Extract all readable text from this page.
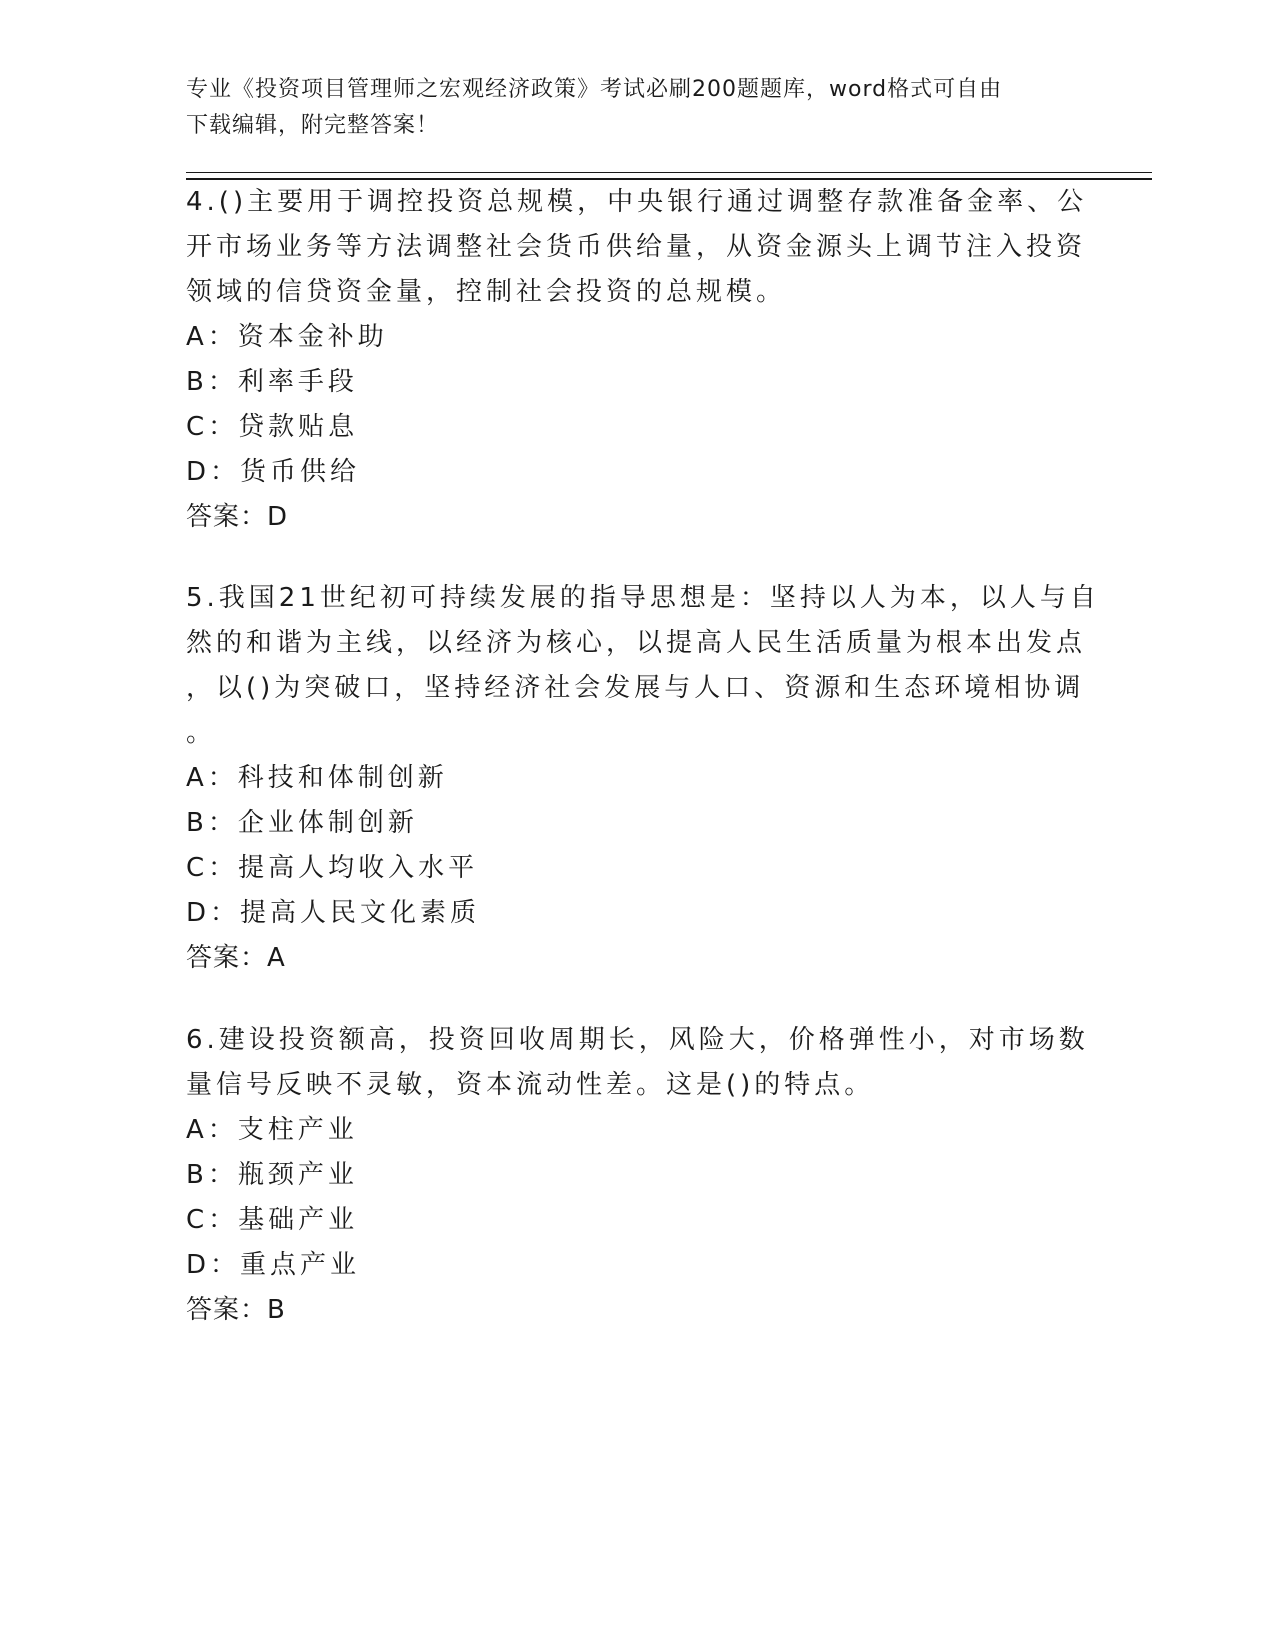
专业《投资项目管理师之宏观经济政策》考试必刷200题题库，word格式可自由
下载编辑，附完整答案！
4.()主要用于调控投资总规模，中央银行通过调整存款准备金率、公
开市场业务等方法调整社会货币供给量，从资金源头上调节注入投资
领域的信贷资金量，控制社会投资的总规模。
A：资本金补助
B：利率手段
C：贷款贴息
D：货币供给
答案：D
5.我国21世纪初可持续发展的指导思想是：坚持以人为本，以人与自
然的和谐为主线，以经济为核心，以提高人民生活质量为根本出发点
，以()为突破口，坚持经济社会发展与人口、资源和生态环境相协调
。
A：科技和体制创新
B：企业体制创新
C：提高人均收入水平
D：提高人民文化素质
答案：A
6.建设投资额高，投资回收周期长，风险大，价格弹性小，对市场数
量信号反映不灵敏，资本流动性差。这是()的特点。
A：支柱产业
B：瓶颈产业
C：基础产业
D：重点产业
答案：B
